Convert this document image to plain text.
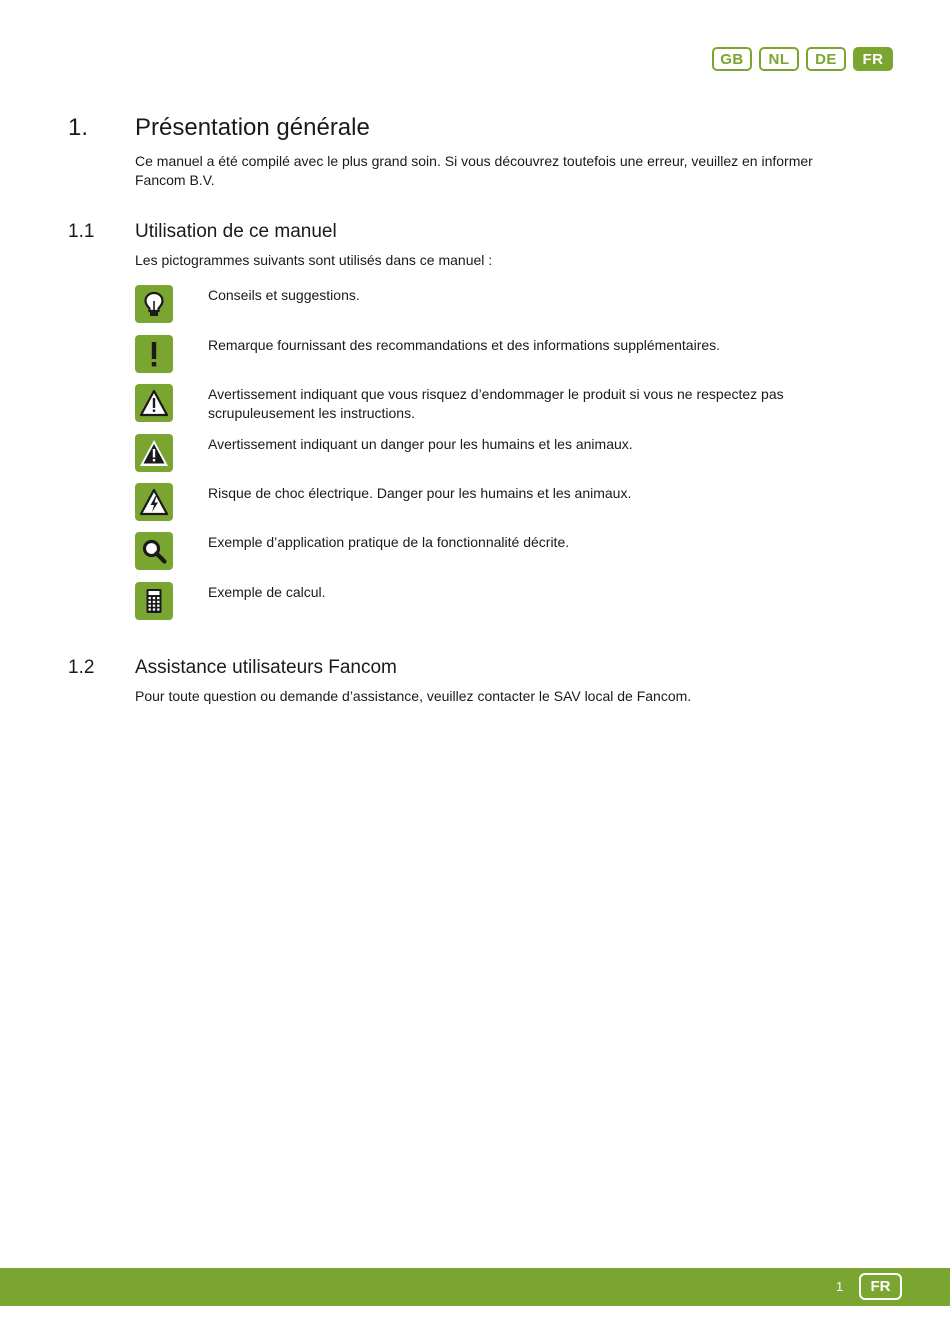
GB	NL	DE	FR
1.	Présentation générale
Ce manuel a été compilé avec le plus grand soin. Si vous découvrez toutefois une erreur, veuillez en informer Fancom B.V.
1.1	Utilisation de ce manuel
Les pictogrammes suivants sont utilisés dans ce manuel :
Conseils et suggestions.
Remarque fournissant des recommandations et des informations supplémentaires.
Avertissement indiquant que vous risquez d’endommager le produit si vous ne respectez pas scrupuleusement les instructions.
Avertissement indiquant un danger pour les humains et les animaux.
Risque de choc électrique. Danger pour les humains et les animaux.
Exemple d’application pratique de la fonctionnalité décrite.
Exemple de calcul.
1.2	Assistance utilisateurs Fancom
Pour toute question ou demande d’assistance, veuillez contacter le SAV local de Fancom.
1	FR
